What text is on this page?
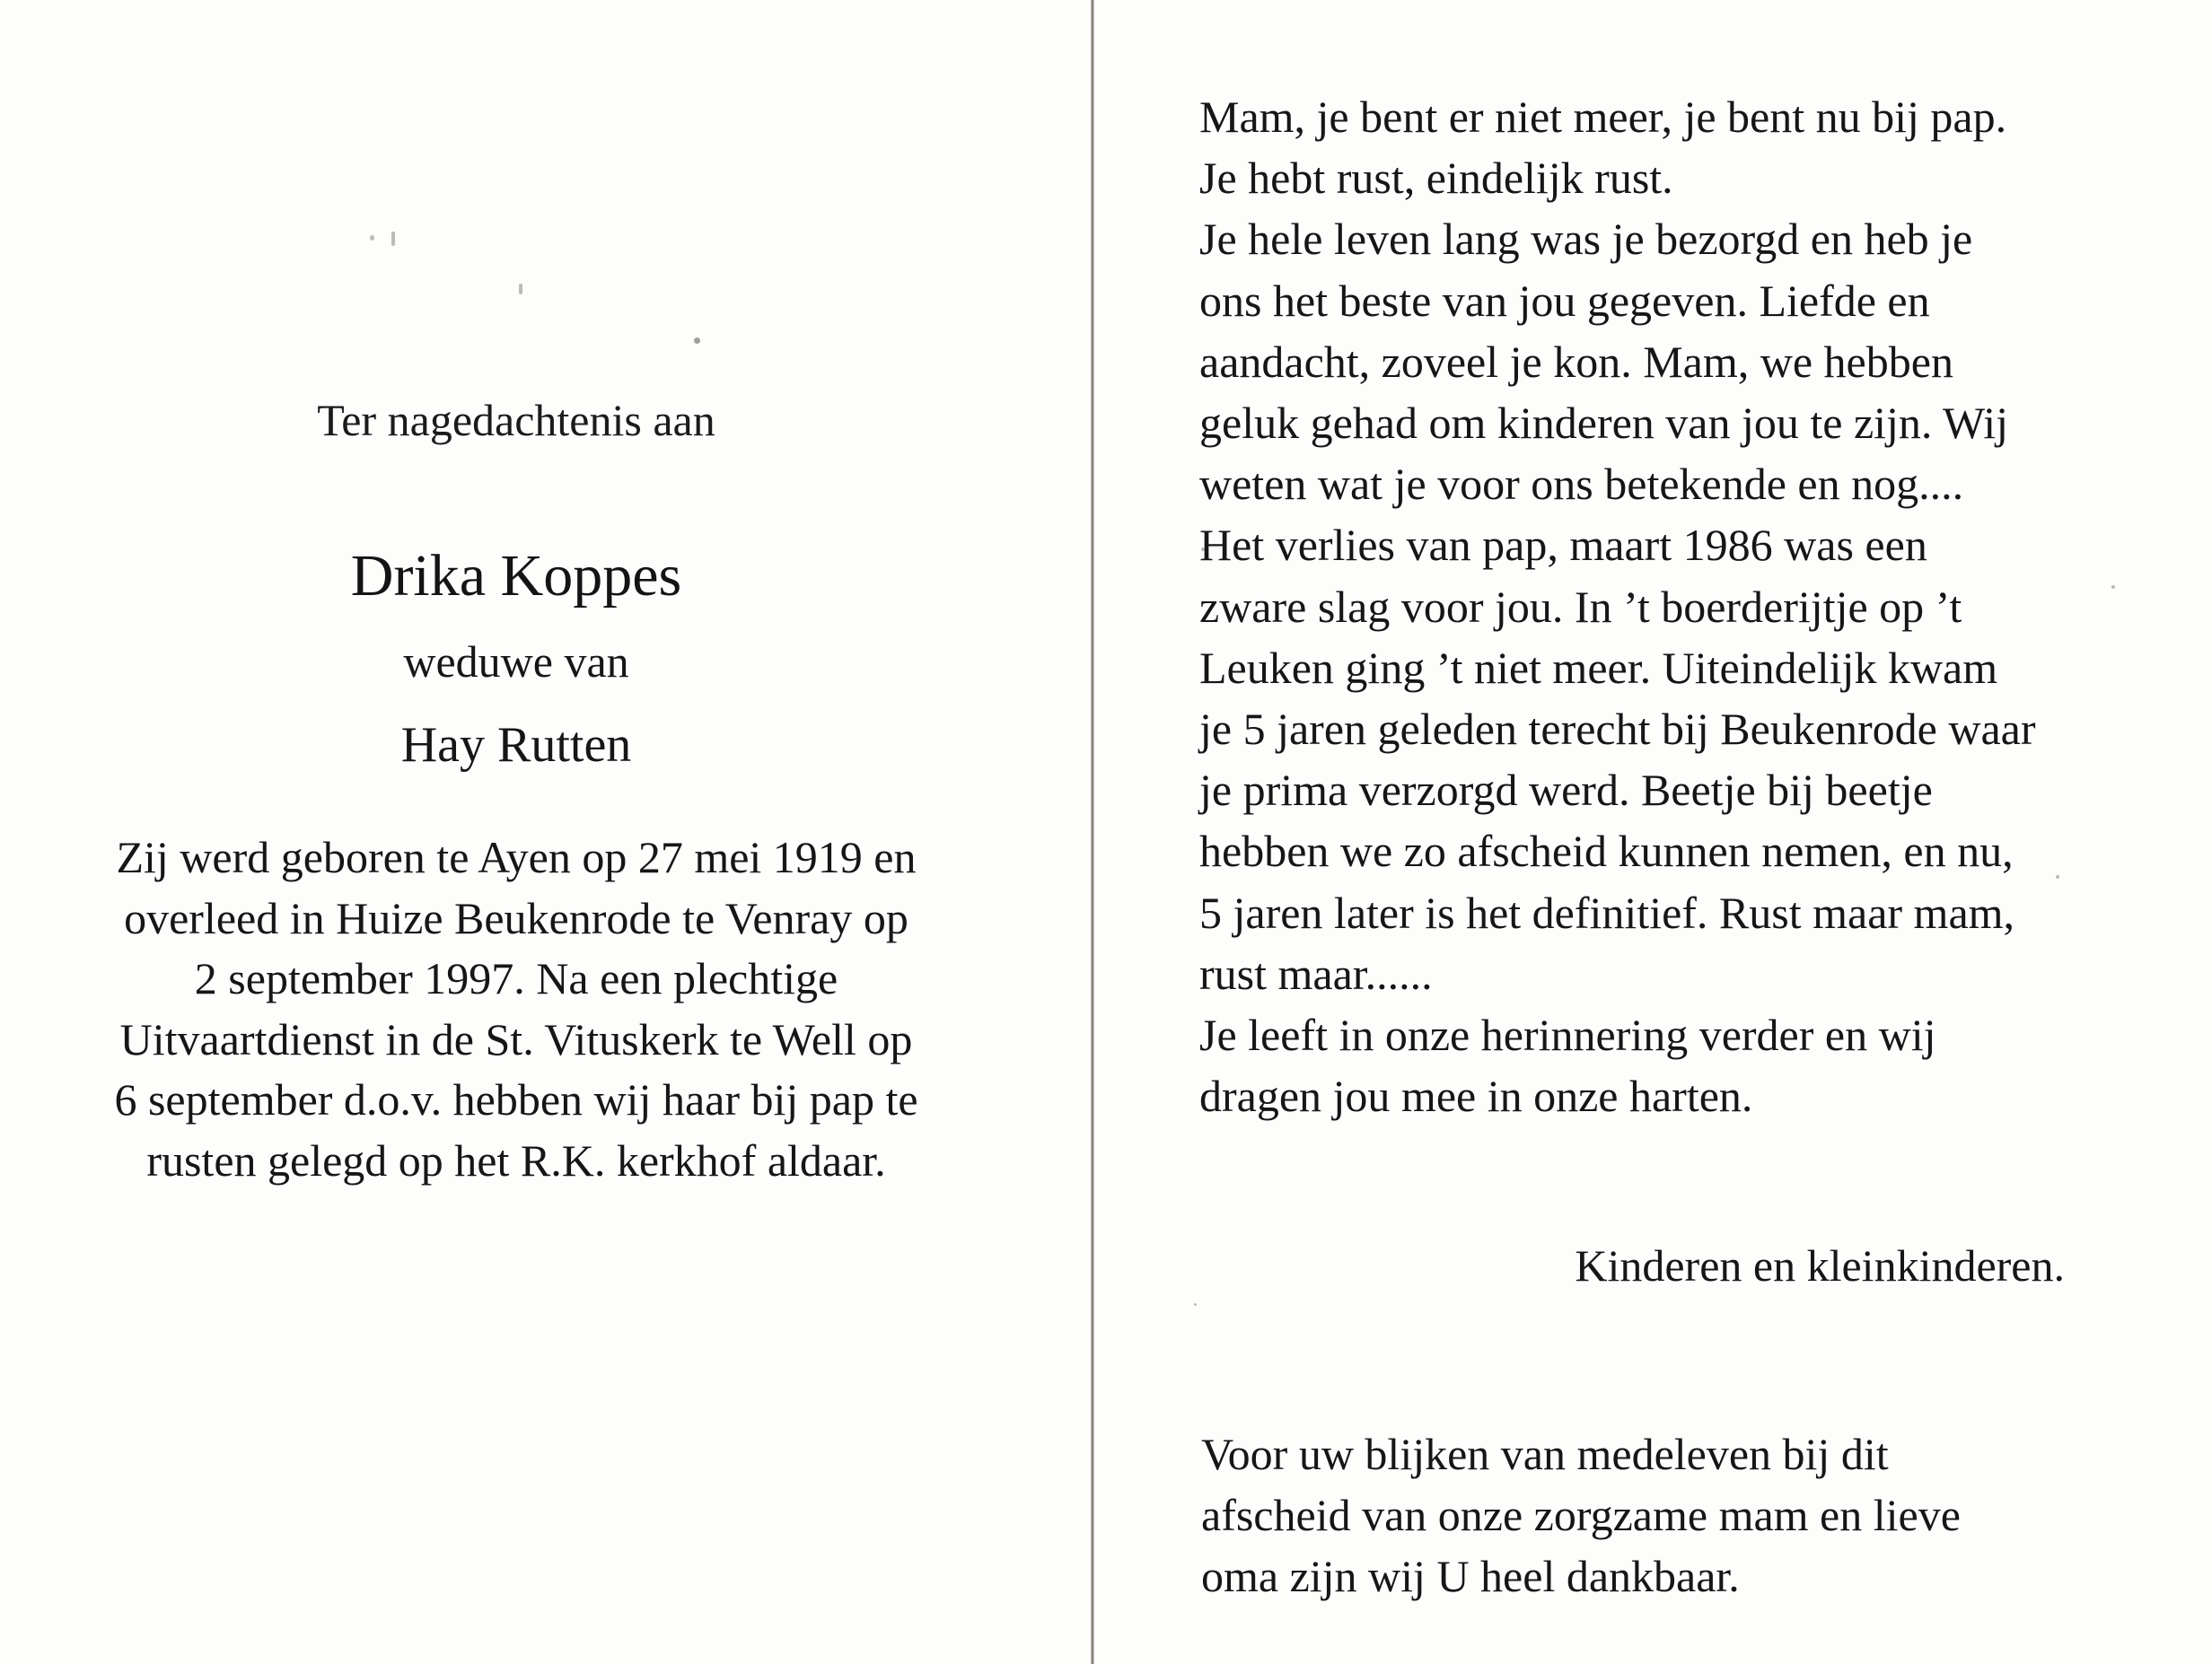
Ter nagedachtenis aan
Drika Koppes
weduwe van
Hay Rutten
Zij werd geboren te Ayen op 27 mei 1919 en
overleed in Huize Beukenrode te Venray op
2 september 1997. Na een plechtige
Uitvaartdienst in de St. Vituskerk te Well op
6 september d.o.v. hebben wij haar bij pap te
rusten gelegd op het R.K. kerkhof aldaar.
Mam, je bent er niet meer, je bent nu bij pap.
Je hebt rust, eindelijk rust.
Je hele leven lang was je bezorgd en heb je
ons het beste van jou gegeven. Liefde en
aandacht, zoveel je kon. Mam, we hebben
geluk gehad om kinderen van jou te zijn. Wij
weten wat je voor ons betekende en nog....
Het verlies van pap, maart 1986 was een
zware slag voor jou. In ’t boerderijtje op ’t
Leuken ging ’t niet meer. Uiteindelijk kwam
je 5 jaren geleden terecht bij Beukenrode waar
je prima verzorgd werd. Beetje bij beetje
hebben we zo afscheid kunnen nemen, en nu,
5 jaren later is het definitief. Rust maar mam,
rust maar......
Je leeft in onze herinnering verder en wij
dragen jou mee in onze harten.
Kinderen en kleinkinderen.
Voor uw blijken van medeleven bij dit
afscheid van onze zorgzame mam en lieve
oma zijn wij U heel dankbaar.
